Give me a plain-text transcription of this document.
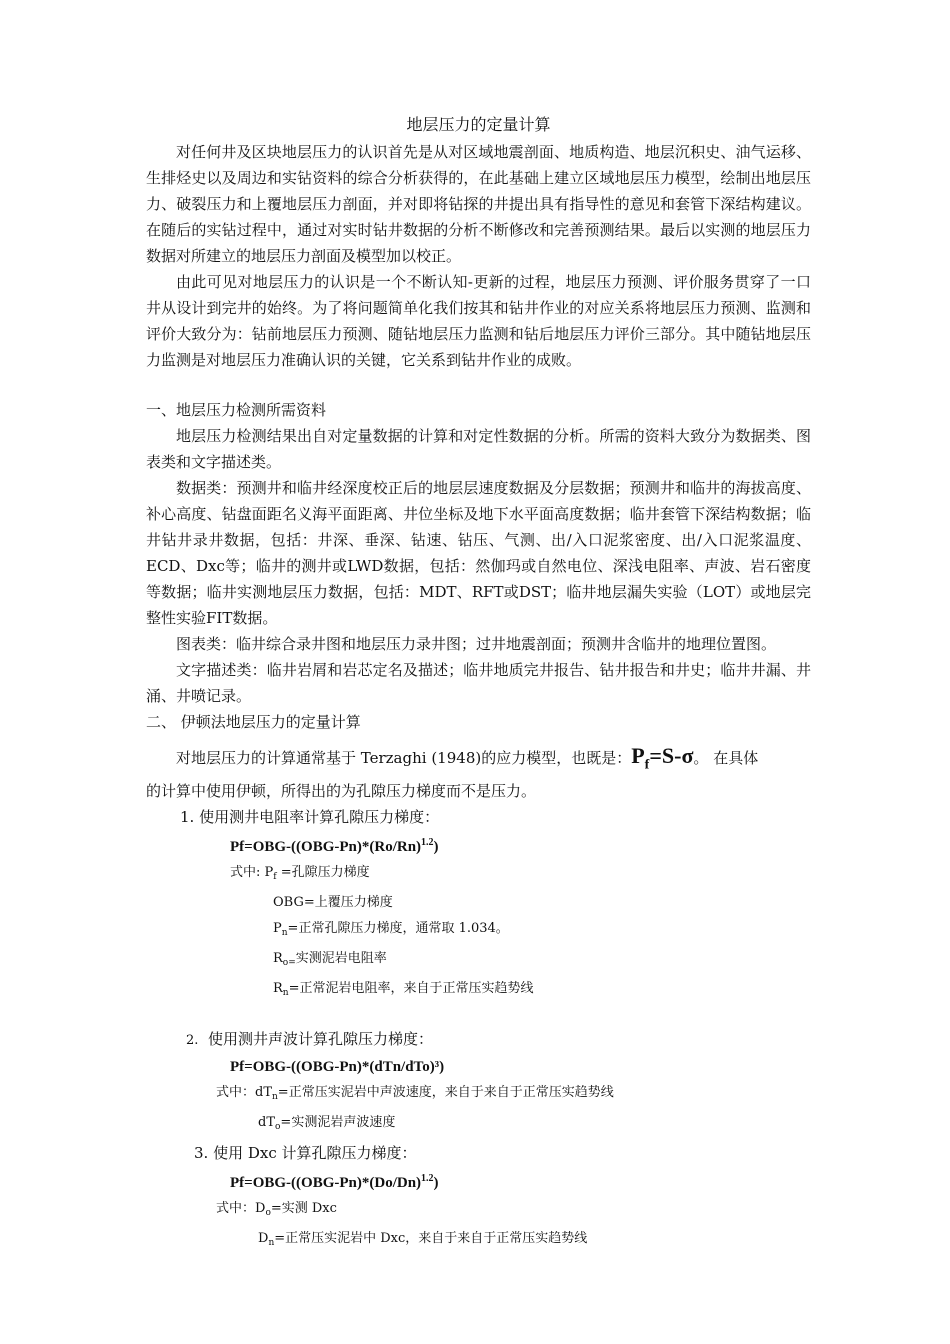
地层压力的定量计算

对任何井及区块地层压力的认识首先是从对区域地震剖面、地质构造、地层沉积史、油气运移、生排烃史以及周边和实钻资料的综合分析获得的，在此基础上建立区域地层压力模型，绘制出地层压力、破裂压力和上覆地层压力剖面，并对即将钻探的井提出具有指导性的意见和套管下深结构建议。在随后的实钻过程中，通过对实时钻井数据的分析不断修改和完善预测结果。最后以实测的地层压力数据对所建立的地层压力剖面及模型加以校正。

由此可见对地层压力的认识是一个不断认知-更新的过程，地层压力预测、评价服务贯穿了一口井从设计到完井的始终。为了将问题简单化我们按其和钻井作业的对应关系将地层压力预测、监测和评价大致分为：钻前地层压力预测、随钻地层压力监测和钻后地层压力评价三部分。其中随钻地层压力监测是对地层压力准确认识的关键，它关系到钻井作业的成败。

一、地层压力检测所需资料

地层压力检测结果出自对定量数据的计算和对定性数据的分析。所需的资料大致分为数据类、图表类和文字描述类。

数据类：预测井和临井经深度校正后的地层层速度数据及分层数据；预测井和临井的海拔高度、补心高度、钻盘面距名义海平面距离、井位坐标及地下水平面高度数据；临井套管下深结构数据；临井钻井录井数据，包括：井深、垂深、钻速、钻压、气测、出/入口泥浆密度、出/入口泥浆温度、ECD、Dxc等；临井的测井或LWD数据，包括：然伽玛或自然电位、深浅电阻率、声波、岩石密度等数据；临井实测地层压力数据，包括：MDT、RFT或DST；临井地层漏失实验（LOT）或地层完整性实验FIT数据。

图表类：临井综合录井图和地层压力录井图；过井地震剖面；预测井含临井的地理位置图。

文字描述类：临井岩屑和岩芯定名及描述；临井地质完井报告、钻井报告和井史；临井井漏、井涌、井喷记录。

二、 伊顿法地层压力的定量计算
对地层压力的计算通常基于 Terzaghi (1948)的应力模型，也既是：$P_f=S-\sigma$。 在具体

的计算中使用伊顿，所得出的为孔隙压力梯度而不是压力。

1. 使用测井电阻率计算孔隙压力梯度：
$Pf=OBG-((OBG-Pn)*(Ro/Rn)^{1.2})$
式中: $P_f$ =孔隙压力梯度
OBG=上覆压力梯度
$P_n=$正常孔隙压力梯度，通常取 1.034。
$R_{o=}$实测泥岩电阻率
$R_n=$正常泥岩电阻率，来自于正常压实趋势线
2. 使用测井声波计算孔隙压力梯度：
Pf=OBG-((OBG-Pn)*(dTn/dTo)³)
式中：$dT_n=$正常压实泥岩中声波速度，来自于来自于正常压实趋势线
$dT_o=$实测泥岩声波速度
3. 使用 Dxc 计算孔隙压力梯度：
$Pf=OBG-((OBG-Pn)*(Do/Dn)^{1.2})$
式中：$D_o=$实测 Dxc
$D_n=$正常压实泥岩中 Dxc，来自于来自于正常压实趋势线
